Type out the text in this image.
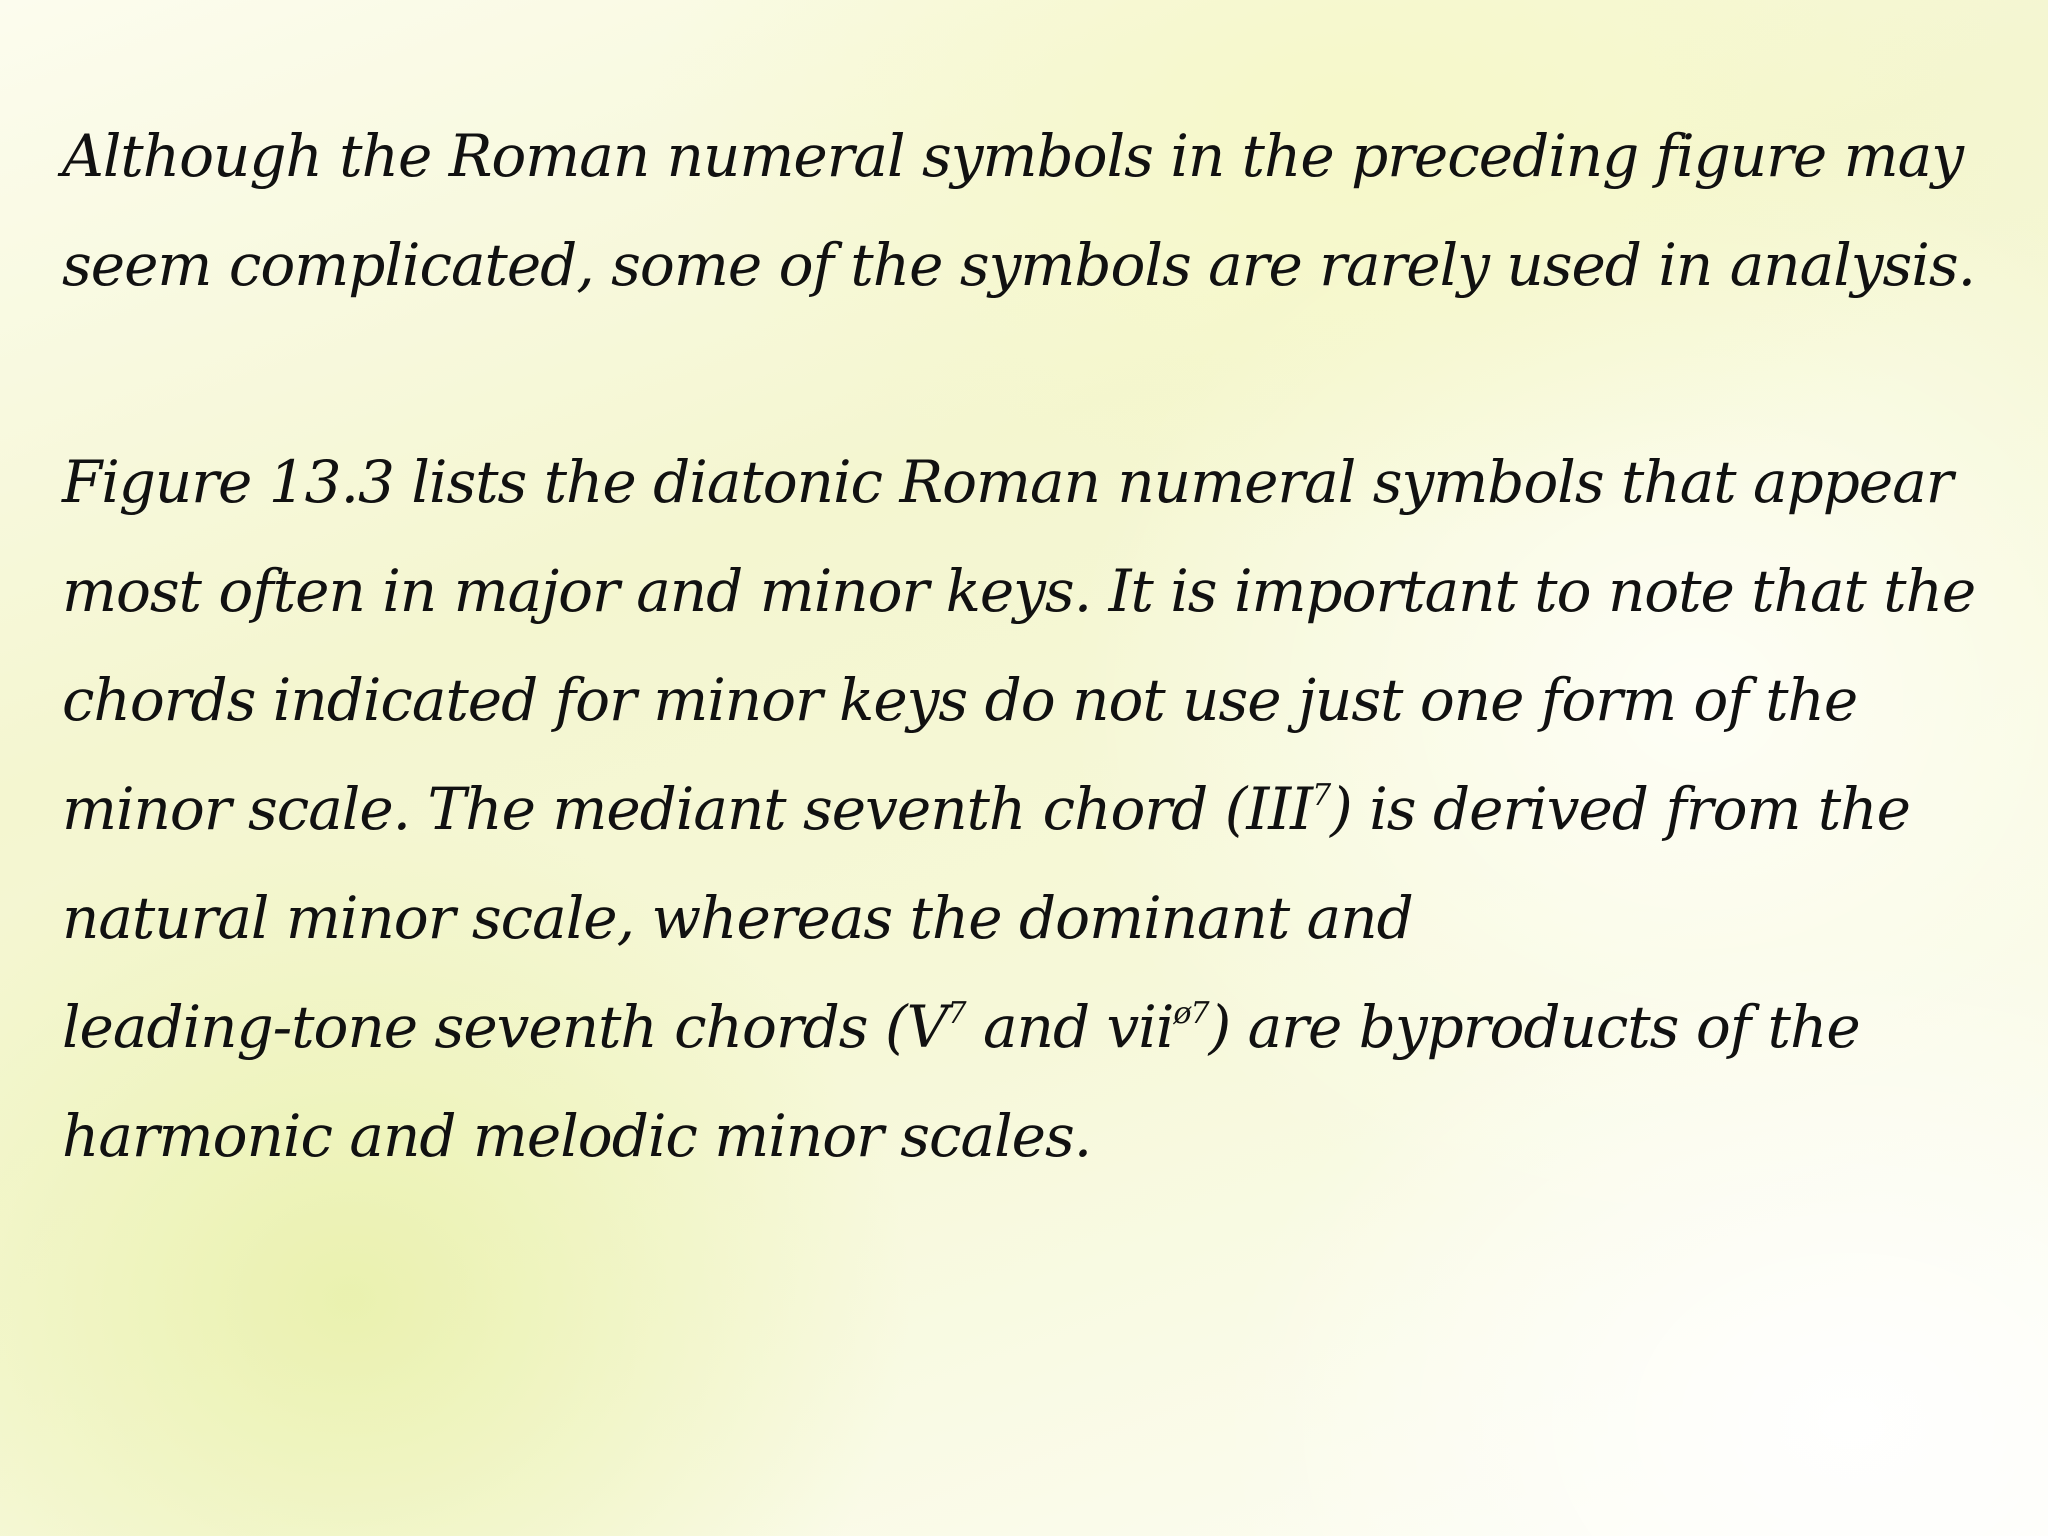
Although the Roman numeral symbols in the preceding figure may
seem complicated, some of the symbols are rarely used in analysis.

Figure 13.3 lists the diatonic Roman numeral symbols that appear
most often in major and minor keys. It is important to note that the
chords indicated for minor keys do not use just one form of the
minor scale. The mediant seventh chord (III$^7$) is derived from the
natural minor scale, whereas the dominant and
leading-tone seventh chords ($V^7$ and vii$^{ø7}$) are byproducts of the
harmonic and melodic minor scales.
